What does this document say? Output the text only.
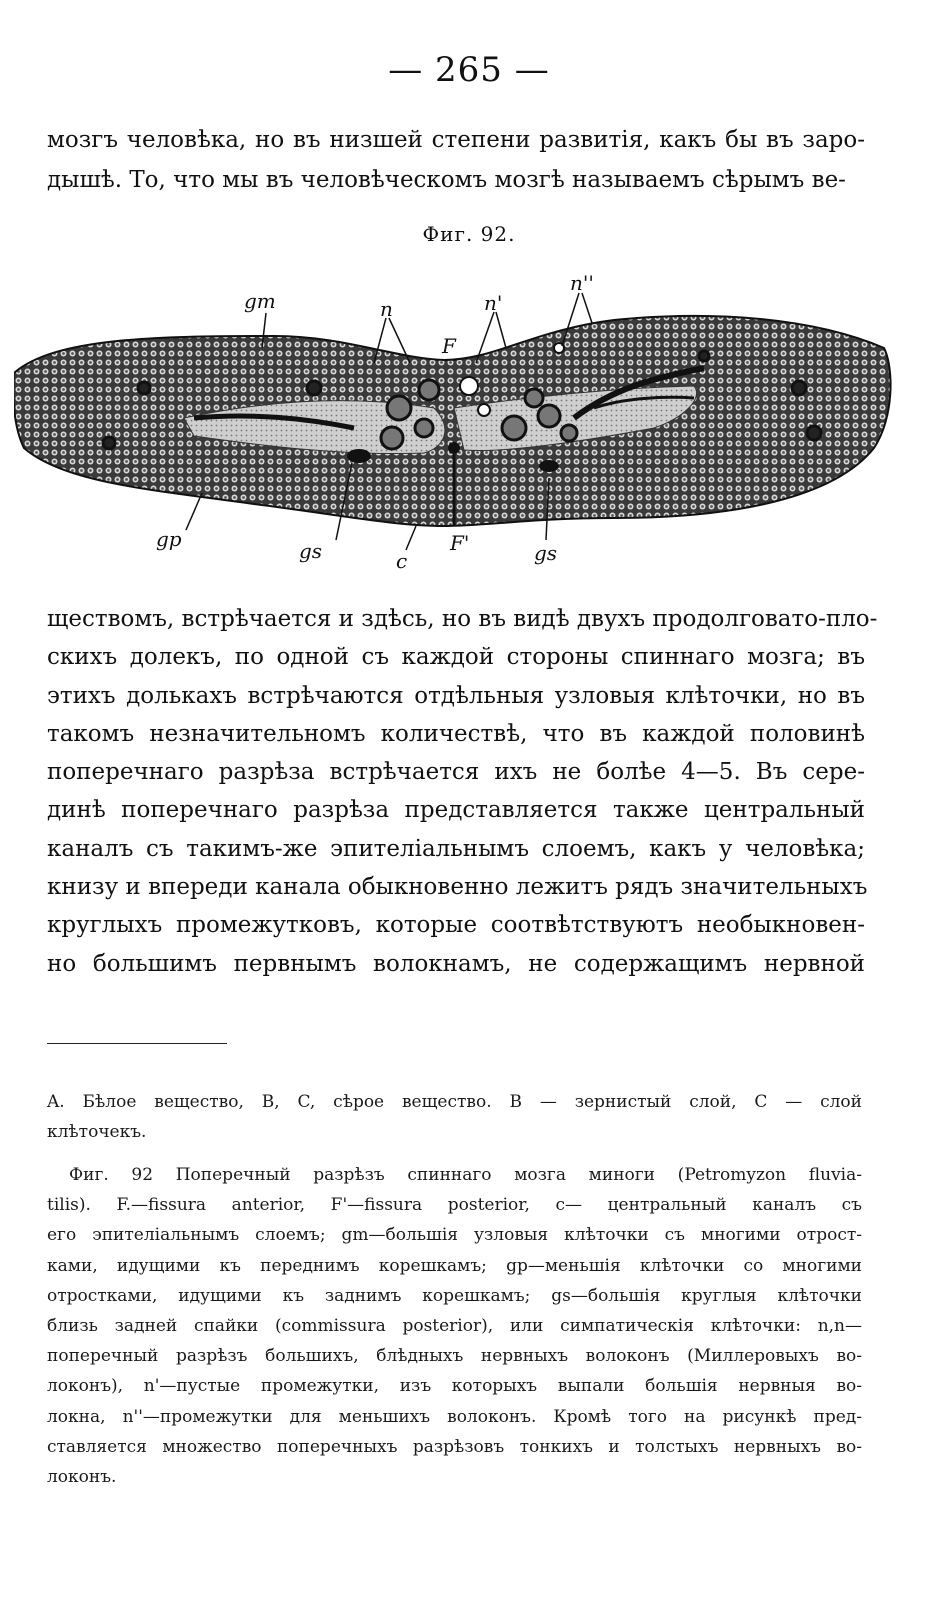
— 265 —
мозгъ человѣка, но въ низшей степени развитія, какъ бы въ заро-
дышѣ. То, что мы въ человѣческомъ мозгѣ называемъ сѣрымъ ве-
Фиг. 92.
gm	n	n'
n''
F
gp	gs	c
F'	gs
ществомъ, встрѣчается и здѣсь, но въ видѣ двухъ продолговато-пло-
скихъ долекъ, по одной съ каждой стороны спиннаго мозга; въ
этихъ долькахъ встрѣчаются отдѣльныя узловыя клѣточки, но въ
такомъ незначительномъ количествѣ, что въ каждой половинѣ
поперечнаго разрѣза встрѣчается ихъ не болѣе 4—5. Въ сере-
динѣ поперечнаго разрѣза представляется также центральный
каналъ съ такимъ-же эпителіальнымъ слоемъ, какъ у человѣка;
книзу и впереди канала обыкновенно лежитъ рядъ значительныхъ
круглыхъ промежутковъ, которые соотвѣтствуютъ необыкновен-
но большимъ первнымъ волокнамъ, не содержащимъ нервной
A. Бѣлое вещество, B, C, сѣрое вещество. B — зернистый слой, C — слой
клѣточекъ.
Фиг. 92 Поперечный разрѣзъ спиннаго мозга миноги (Petromyzon fluvia-
tilis). F.—fissura anterior, F'—fissura posterior, c— центральный каналъ съ
его эпителіальнымъ слоемъ; gm—большія узловыя клѣточки съ многими отрост-
ками, идущими къ переднимъ корешкамъ; gp—меньшія клѣточки со многими
отростками, идущими къ заднимъ корешкамъ; gs—большія круглыя клѣточки
близь задней спайки (commissura posterior), или симпатическія клѣточки: n,n—
поперечный разрѣзъ большихъ, блѣдныхъ нервныхъ волоконъ (Миллеровыхъ во-
локонъ), n'—пустые промежутки, изъ которыхъ выпали большія нервныя во-
локна, n''—промежутки для меньшихъ волоконъ. Кромѣ того на рисункѣ пред-
ставляется множество поперечныхъ разрѣзовъ тонкихъ и толстыхъ нервныхъ во-
локонъ.
